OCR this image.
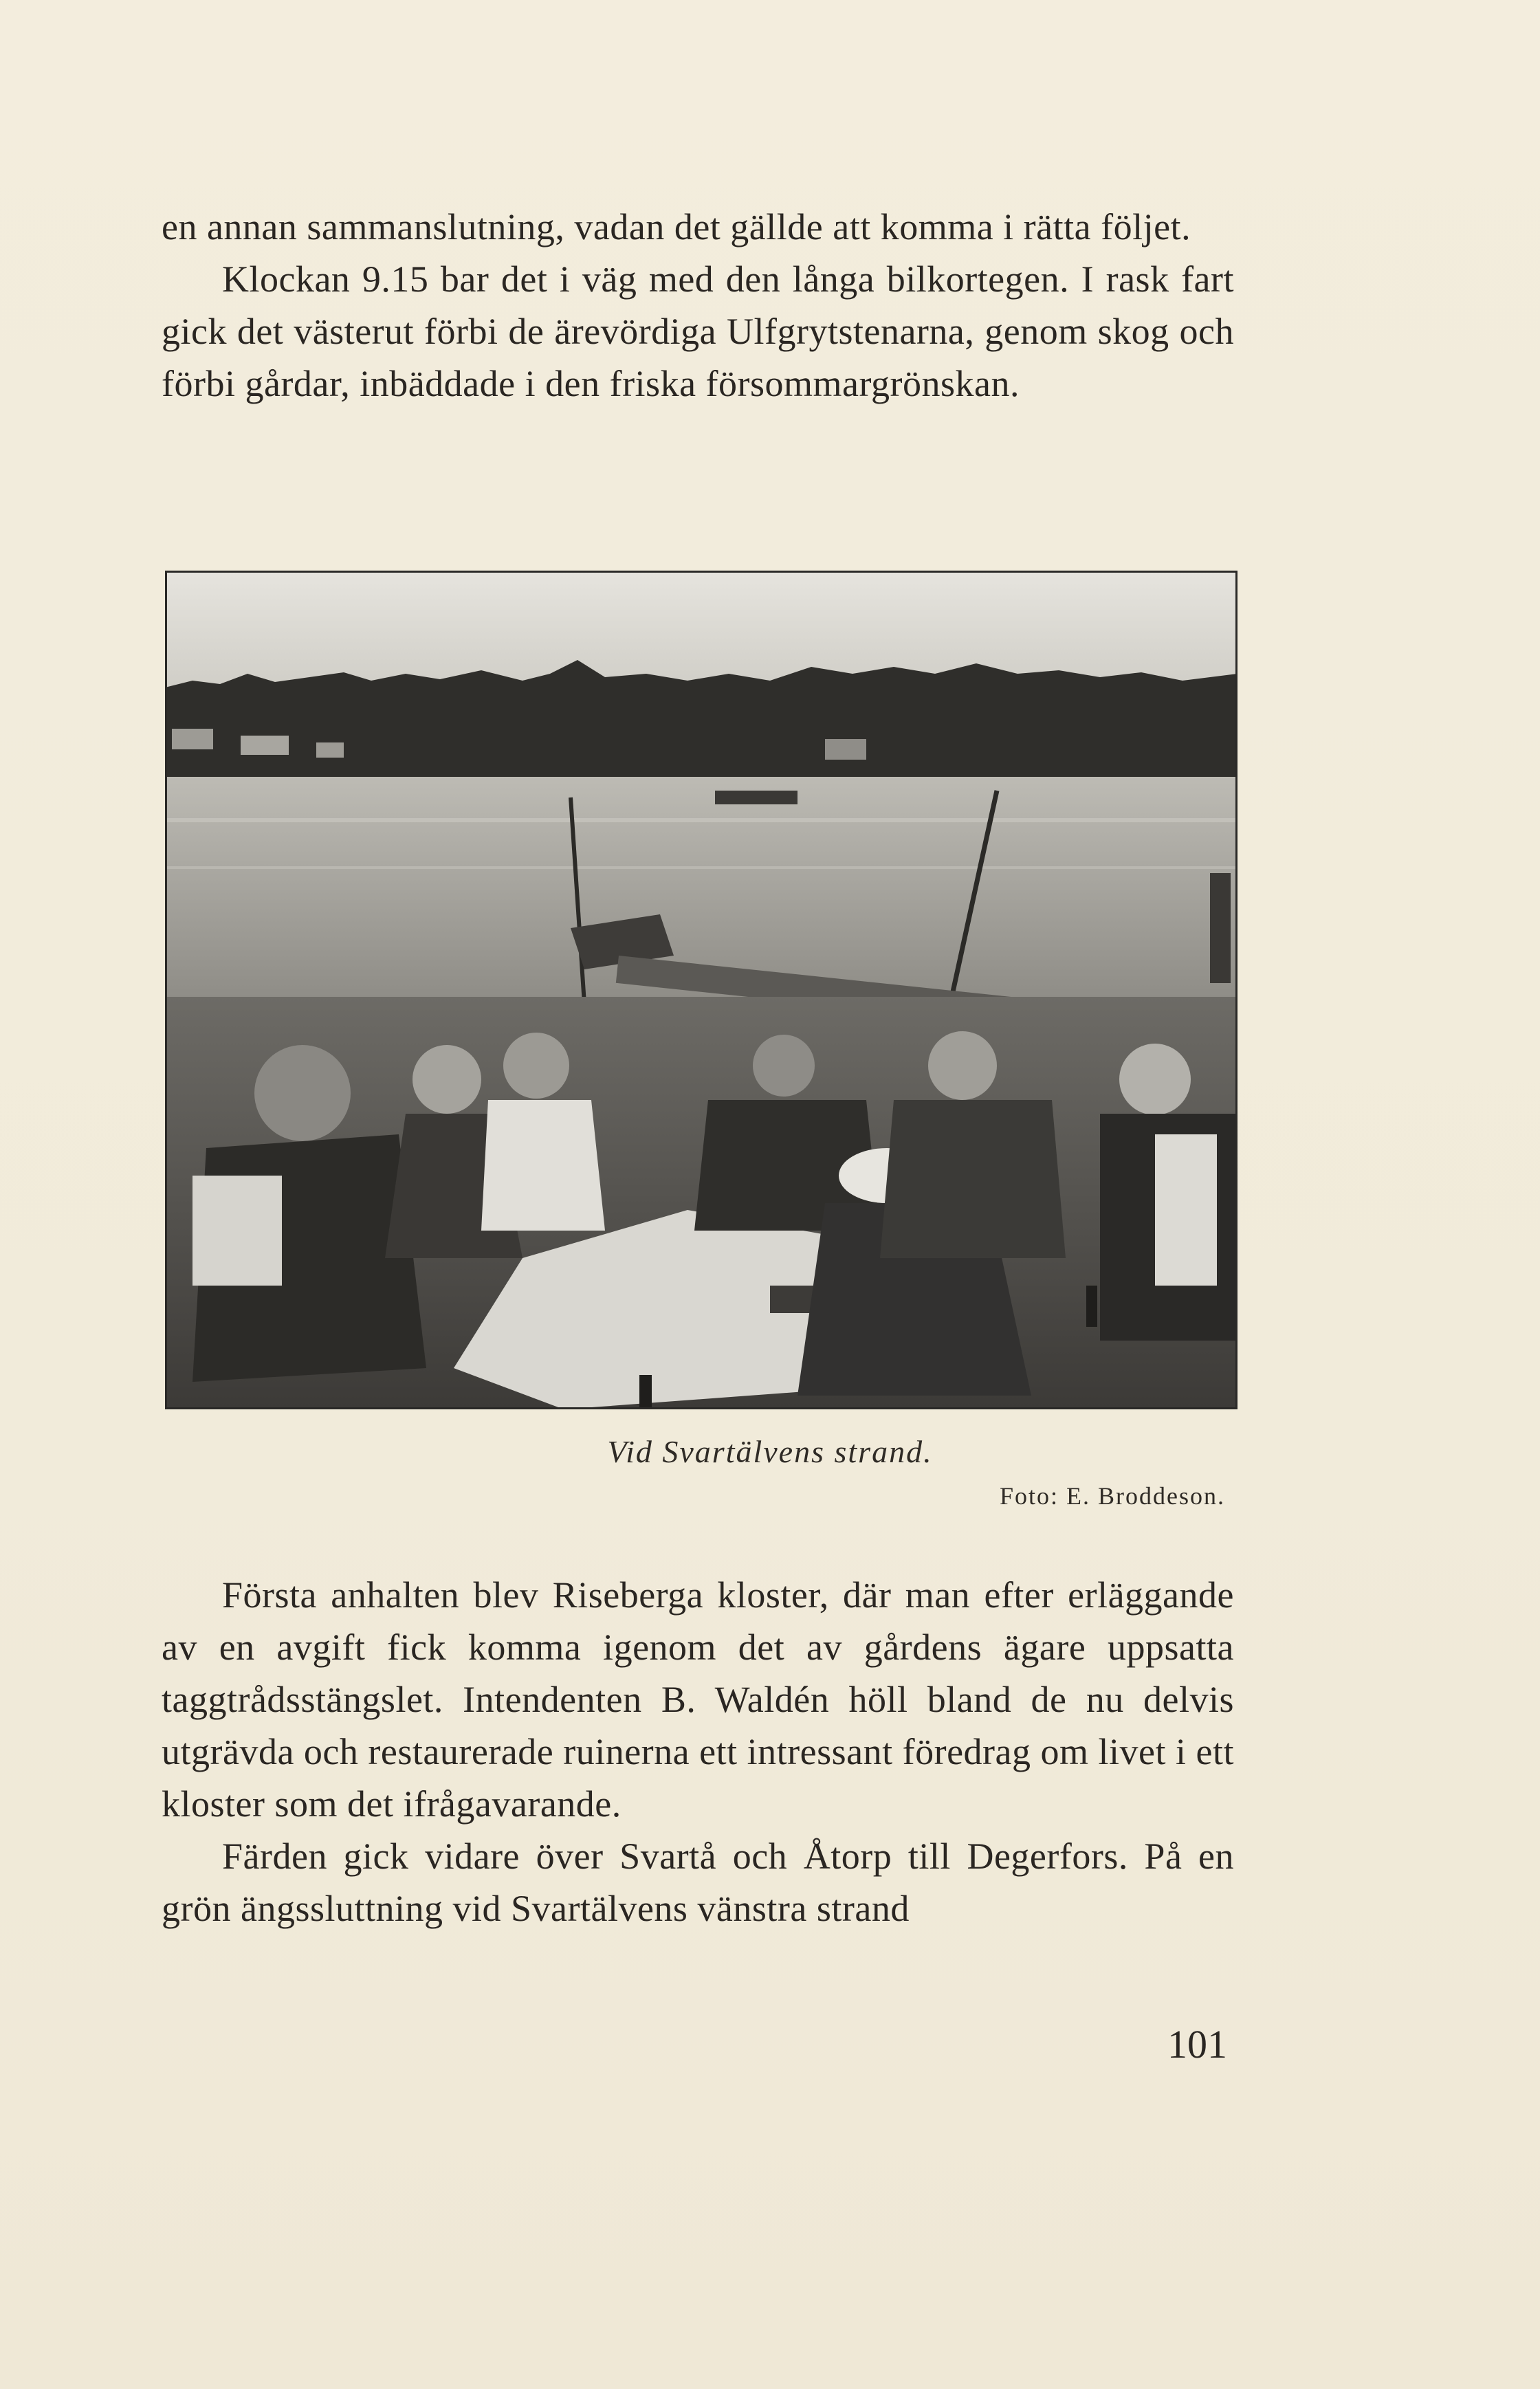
en annan sammanslutning, vadan det gällde att komma i rätta följet.

Klockan 9.15 bar det i väg med den långa bilkortegen. I rask fart gick det västerut förbi de ärevördiga Ulfgrytstenarna, genom skog och förbi gårdar, inbäddade i den friska försommargrönskan.

Vid Svartälvens strand.
Foto: E. Broddeson.

Första anhalten blev Riseberga kloster, där man efter erläggande av en avgift fick komma igenom det av gårdens ägare uppsatta taggtrådsstängslet. Intendenten B. Waldén höll bland de nu delvis utgrävda och restaurerade ruinerna ett intressant föredrag om livet i ett kloster som det ifrågavarande.

Färden gick vidare över Svartå och Åtorp till Degerfors. På en grön ängssluttning vid Svartälvens vänstra strand

101
